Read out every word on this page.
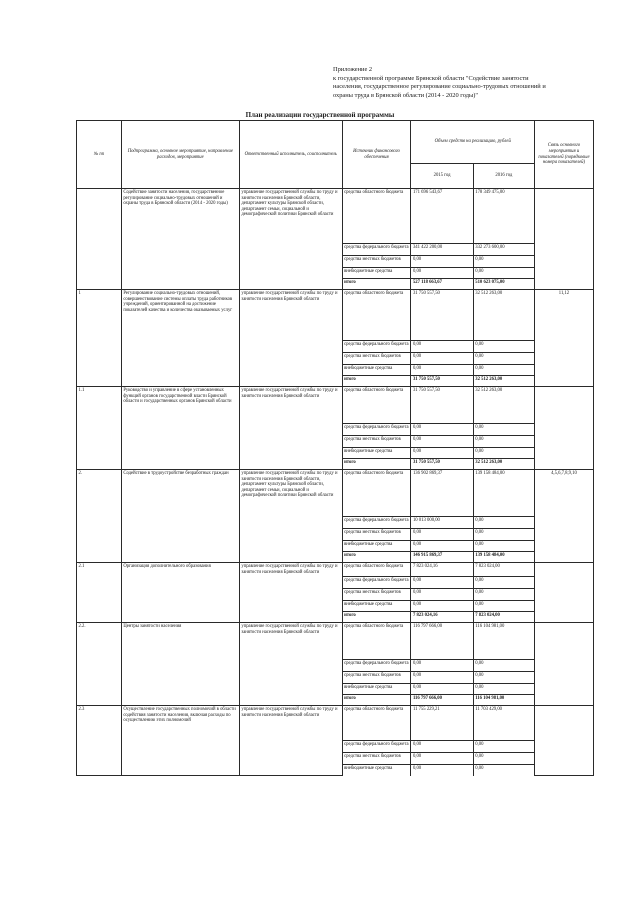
Приложение 2
к государственной программе Брянской области "Содействие занятости
населения, государственное регулирование социально-трудовых отношений и
охраны труда в Брянской области (2014 - 2020 годы)"
План реализации государственной программы
№ пп	Подпрограмма, основное мероприятие, направление расходов, мероприятие	Ответственный исполнитель, соисполнитель	Источник финансового обеспечения	Объем средств на реализацию, рублей		Связь основного мероприятия и показателей (порядковые номера показателей)
				2015 год	2016 год	
	Содействие занятости населения, государственное регулирование социально-трудовых отношений и охраны труда в Брянской области (2014 - 2020 годы)	управление государственной службы по труду и занятости населения Брянской области, департамент культуры Брянской области, департамент семьи, социальной и демографической политики Брянской области	средства областного бюджета	171 696 543,67	178 349 475,00	
			средства федерального бюджета	341 422 200,00	332 273 600,00	
			средства местных бюджетов	0,00	0,00	
			внебюджетные средства	0,00	0,00	
			итого	527 118 663,67	510 623 075,00	
1	Регулирование социально-трудовых отношений, совершенствование системы оплаты труда работников учреждений, ориентированной на достижение показателей качества и количества оказываемых услуг	управление государственной службы по труду и занятости населения Брянской области	средства областного бюджета	31 750 557,50	32 512 263,00	11,12
			средства федерального бюджета	0,00	0,00	
			средства местных бюджетов	0,00	0,00	
			внебюджетные средства	0,00	0,00	
			итого	31 750 557,50	32 512 263,00	
1.1	Руководство и управление в сфере установленных функций органов государственной власти Брянской области и государственных органов Брянской области	управление государственной службы по труду и занятости населения Брянской области	средства областного бюджета	31 750 557,50	32 512 263,00	
			средства федерального бюджета	0,00	0,00	
			средства местных бюджетов	0,00	0,00	
			внебюджетные средства	0,00	0,00	
			итого	31 750 557,50	32 512 263,00	
2.	Содействие в трудоустройстве безработных граждан	управление государственной службы по труду и занятости населения Брянской области, департамент культуры Брянской области, департамент семьи, социальной и демографической политики Брянской области	средства областного бюджета	136 902 869,37	139 158 484,00	4,5,6,7,8,9,10
			средства федерального бюджета	10 013 000,00	0,00	
			средства местных бюджетов	0,00	0,00	
			внебюджетные средства	0,00	0,00	
			итого	146 915 869,37	139 158 484,00	
2.1	Организация дополнительного образования	управление государственной службы по труду и занятости населения Брянской области	средства областного бюджета	7 823 024,16	7 823 024,00	
			средства федерального бюджета	0,00	0,00	
			средства местных бюджетов	0,00	0,00	
			внебюджетные средства	0,00	0,00	
			итого	7 823 024,16	7 823 024,00	
2.2.	Центры занятости населения	управление государственной службы по труду и занятости населения Брянской области	средства областного бюджета	116 797 666,00	116 104 981,00	
			средства федерального бюджета	0,00	0,00	
			средства местных бюджетов	0,00	0,00	
			внебюджетные средства	0,00	0,00	
			итого	116 797 666,00	116 104 981,00	
2.3	Осуществление государственных полномочий в области содействия занятости населения, включая расходы по осуществлению этих полномочий	управление государственной службы по труду и занятости населения Брянской области	средства областного бюджета	11 755 229,21	11 703 429,00	
			средства федерального бюджета	0,00	0,00	
			средства местных бюджетов	0,00	0,00	
			внебюджетные средства	0,00	0,00	
